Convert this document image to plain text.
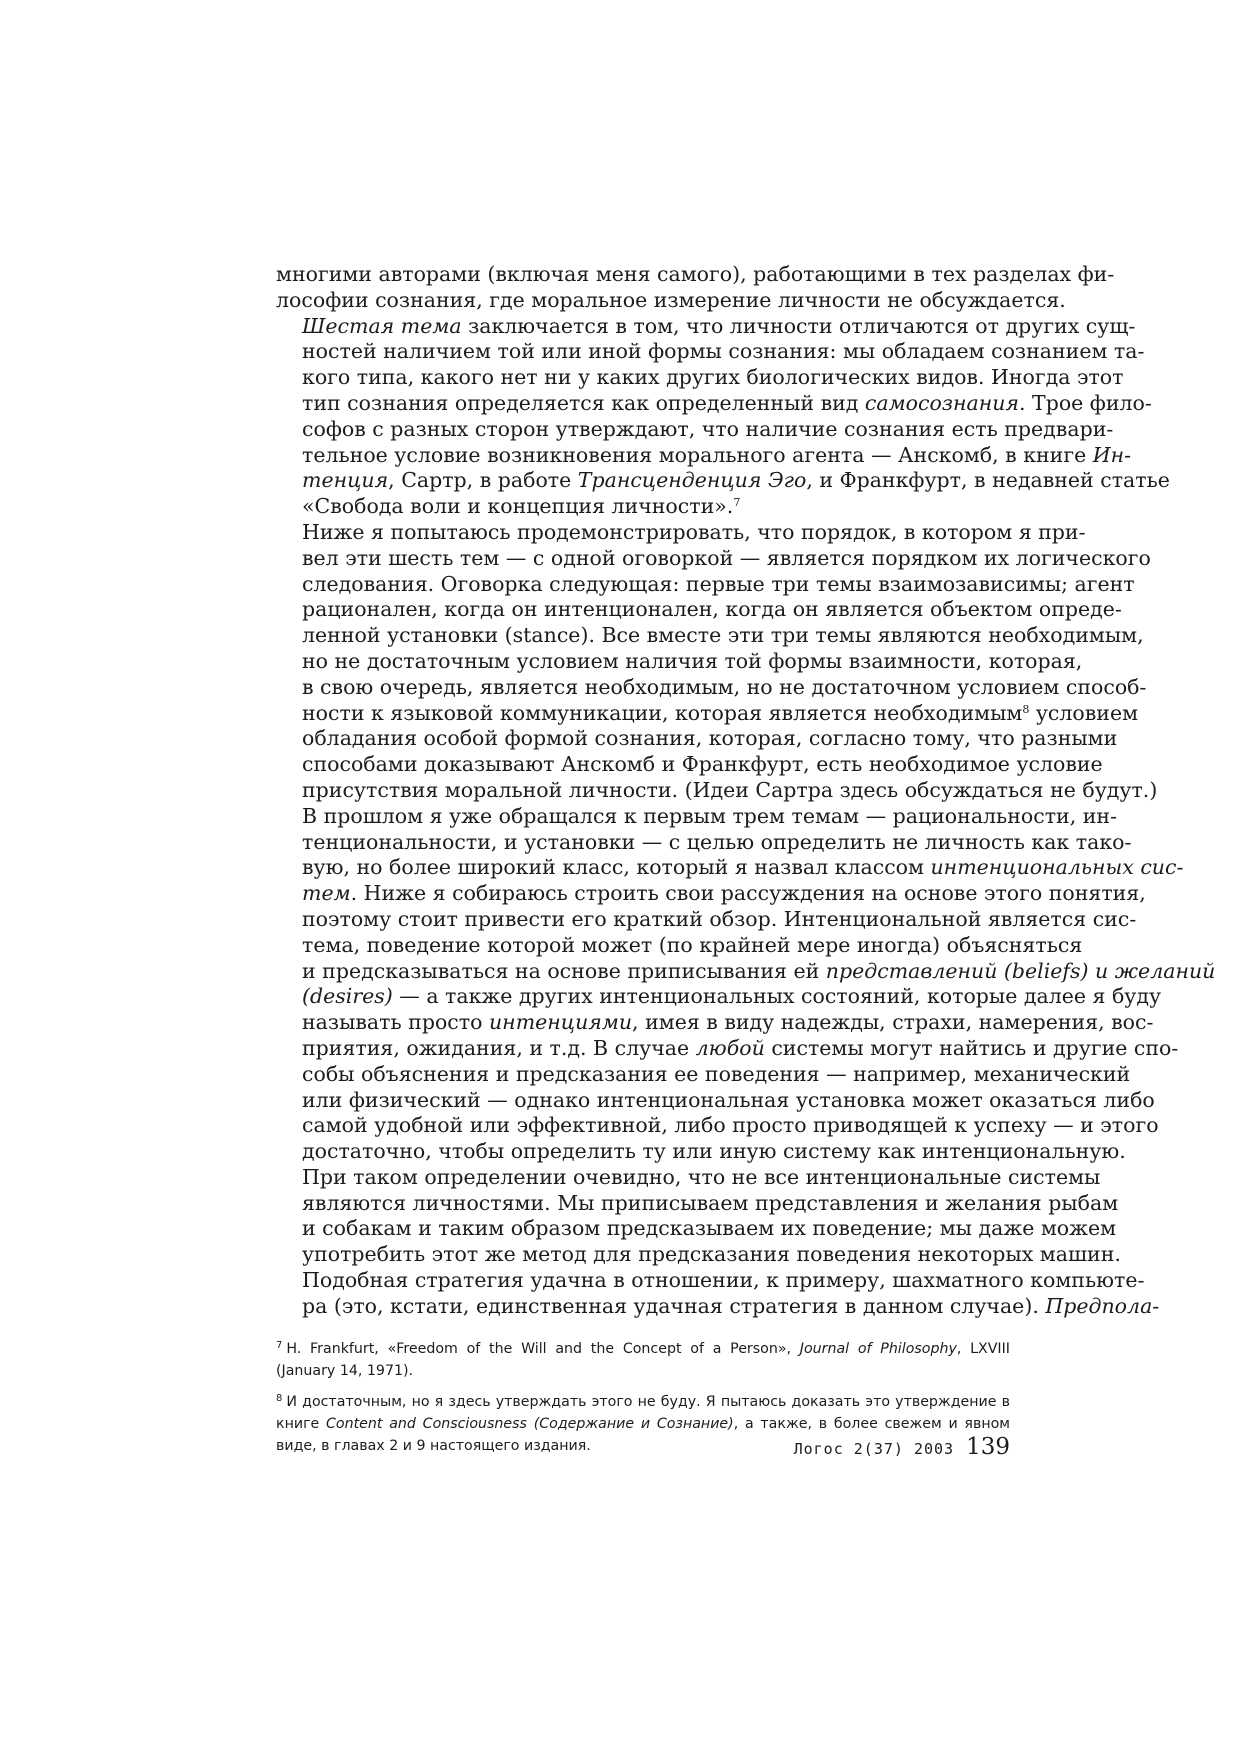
многими авторами (включая меня самого), работающими в тех разделах фи-
лософии сознания, где моральное измерение личности не обсуждается.

Шестая тема заключается в том, что личности отличаются от других сущ-
ностей наличием той или иной формы сознания: мы обладаем сознанием та-
кого типа, какого нет ни у каких других биологических видов. Иногда этот
тип сознания определяется как определенный вид самосознания. Трое фило-
софов с разных сторон утверждают, что наличие сознания есть предвари-
тельное условие возникновения морального агента — Анскомб, в книге Ин-
тенция, Сартр, в работе Трансценденция Эго, и Франкфурт, в недавней статье
«Свобода воли и концепция личности».$^7$

Ниже я попытаюсь продемонстрировать, что порядок, в котором я при-
вел эти шесть тем — с одной оговоркой — является порядком их логического
следования. Оговорка следующая: первые три темы взаимозависимы; агент
рационален, когда он интенционален, когда он является объектом опреде-
ленной установки (stance). Все вместе эти три темы являются необходимым,
но не достаточным условием наличия той формы взаимности, которая,
в свою очередь, является необходимым, но не достаточном условием способ-
ности к языковой коммуникации, которая является необходимым$^8$ условием
обладания особой формой сознания, которая, согласно тому, что разными
способами доказывают Анскомб и Франкфурт, есть необходимое условие
присутствия моральной личности. (Идеи Сартра здесь обсуждаться не будут.)

В прошлом я уже обращался к первым трем темам — рациональности, ин-
тенциональности, и установки — с целью определить не личность как тако-
вую, но более широкий класс, который я назвал классом интенциональных сис-
тем. Ниже я собираюсь строить свои рассуждения на основе этого понятия,
поэтому стоит привести его краткий обзор. Интенциональной является сис-
тема, поведение которой может (по крайней мере иногда) объясняться
и предсказываться на основе приписывания ей представлений (beliefs) и желаний
(desires) — а также других интенциональных состояний, которые далее я буду
называть просто интенциями, имея в виду надежды, страхи, намерения, вос-
приятия, ожидания, и т.д. В случае любой системы могут найтись и другие спо-
собы объяснения и предсказания ее поведения — например, механический
или физический — однако интенциональная установка может оказаться либо
самой удобной или эффективной, либо просто приводящей к успеху — и этого
достаточно, чтобы определить ту или иную систему как интенциональную.

При таком определении очевидно, что не все интенциональные системы
являются личностями. Мы приписываем представления и желания рыбам
и собакам и таким образом предсказываем их поведение; мы даже можем
употребить этот же метод для предсказания поведения некоторых машин.
Подобная стратегия удачна в отношении, к примеру, шахматного компьюте-
ра (это, кстати, единственная удачная стратегия в данном случае). Предпола-

$^7$ H. Frankfurt, «Freedom of the Will and the Concept of a Person», Journal of Philosophy, LXVIII (January 14, 1971).

$^8$ И достаточным, но я здесь утверждать этого не буду. Я пытаюсь доказать это утверждение в книге Content and Consciousness (Содержание и Сознание), а также, в более свежем и явном виде, в главах 2 и 9 настоящего издания.	Логос 2(37) 2003 139
